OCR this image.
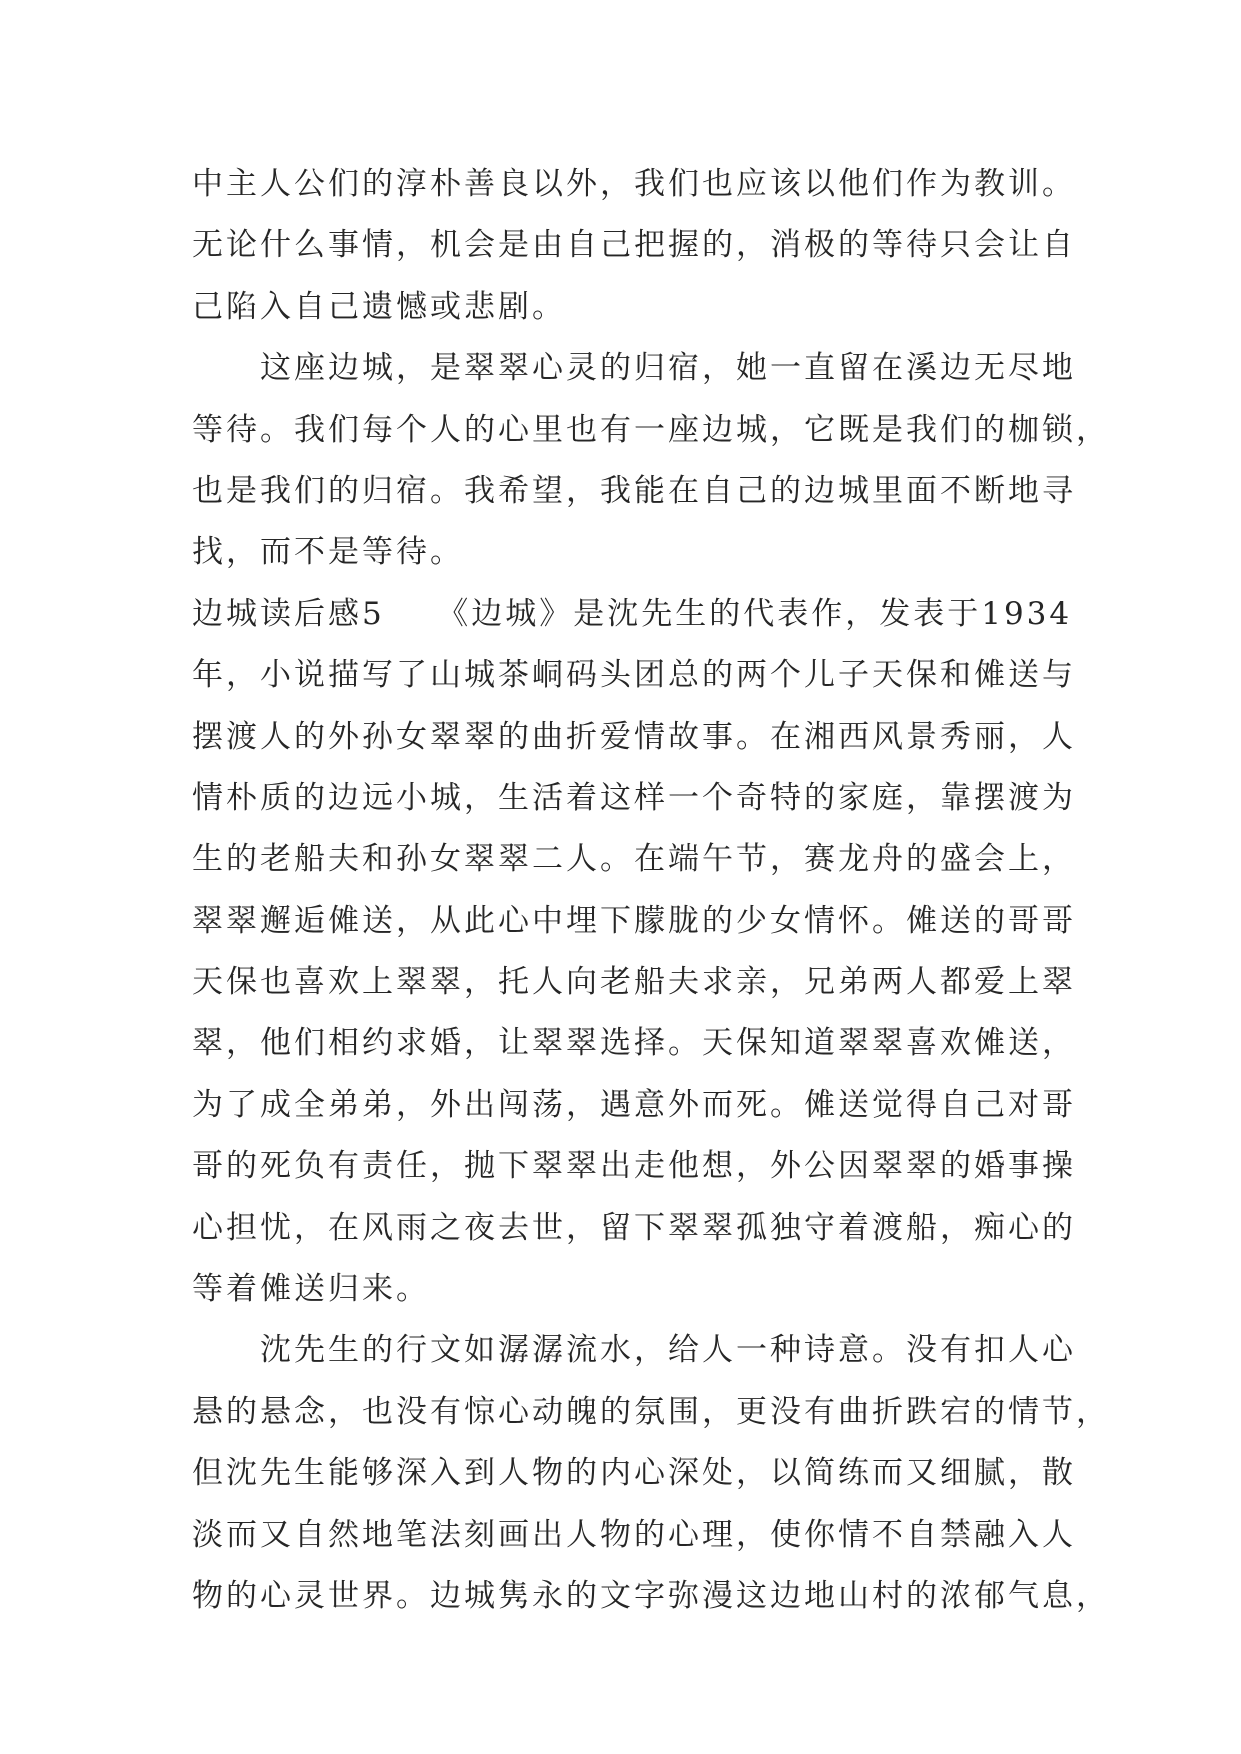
中主人公们的淳朴善良以外，我们也应该以他们作为教训。
无论什么事情，机会是由自己把握的，消极的等待只会让自
己陷入自己遗憾或悲剧。
　　这座边城，是翠翠心灵的归宿，她一直留在溪边无尽地
等待。我们每个人的心里也有一座边城，它既是我们的枷锁，
也是我们的归宿。我希望，我能在自己的边城里面不断地寻
找，而不是等待。
边城读后感5　　《边城》是沈先生的代表作，发表于1934
年，小说描写了山城茶峒码头团总的两个儿子天保和傩送与
摆渡人的外孙女翠翠的曲折爱情故事。在湘西风景秀丽，人
情朴质的边远小城，生活着这样一个奇特的家庭，靠摆渡为
生的老船夫和孙女翠翠二人。在端午节，赛龙舟的盛会上，
翠翠邂逅傩送，从此心中埋下朦胧的少女情怀。傩送的哥哥
天保也喜欢上翠翠，托人向老船夫求亲，兄弟两人都爱上翠
翠，他们相约求婚，让翠翠选择。天保知道翠翠喜欢傩送，
为了成全弟弟，外出闯荡，遇意外而死。傩送觉得自己对哥
哥的死负有责任，抛下翠翠出走他想，外公因翠翠的婚事操
心担忧，在风雨之夜去世，留下翠翠孤独守着渡船，痴心的
等着傩送归来。
　　沈先生的行文如潺潺流水，给人一种诗意。没有扣人心
悬的悬念，也没有惊心动魄的氛围，更没有曲折跌宕的情节，
但沈先生能够深入到人物的内心深处，以简练而又细腻，散
淡而又自然地笔法刻画出人物的心理，使你情不自禁融入人
物的心灵世界。边城隽永的文字弥漫这边地山村的浓郁气息，
